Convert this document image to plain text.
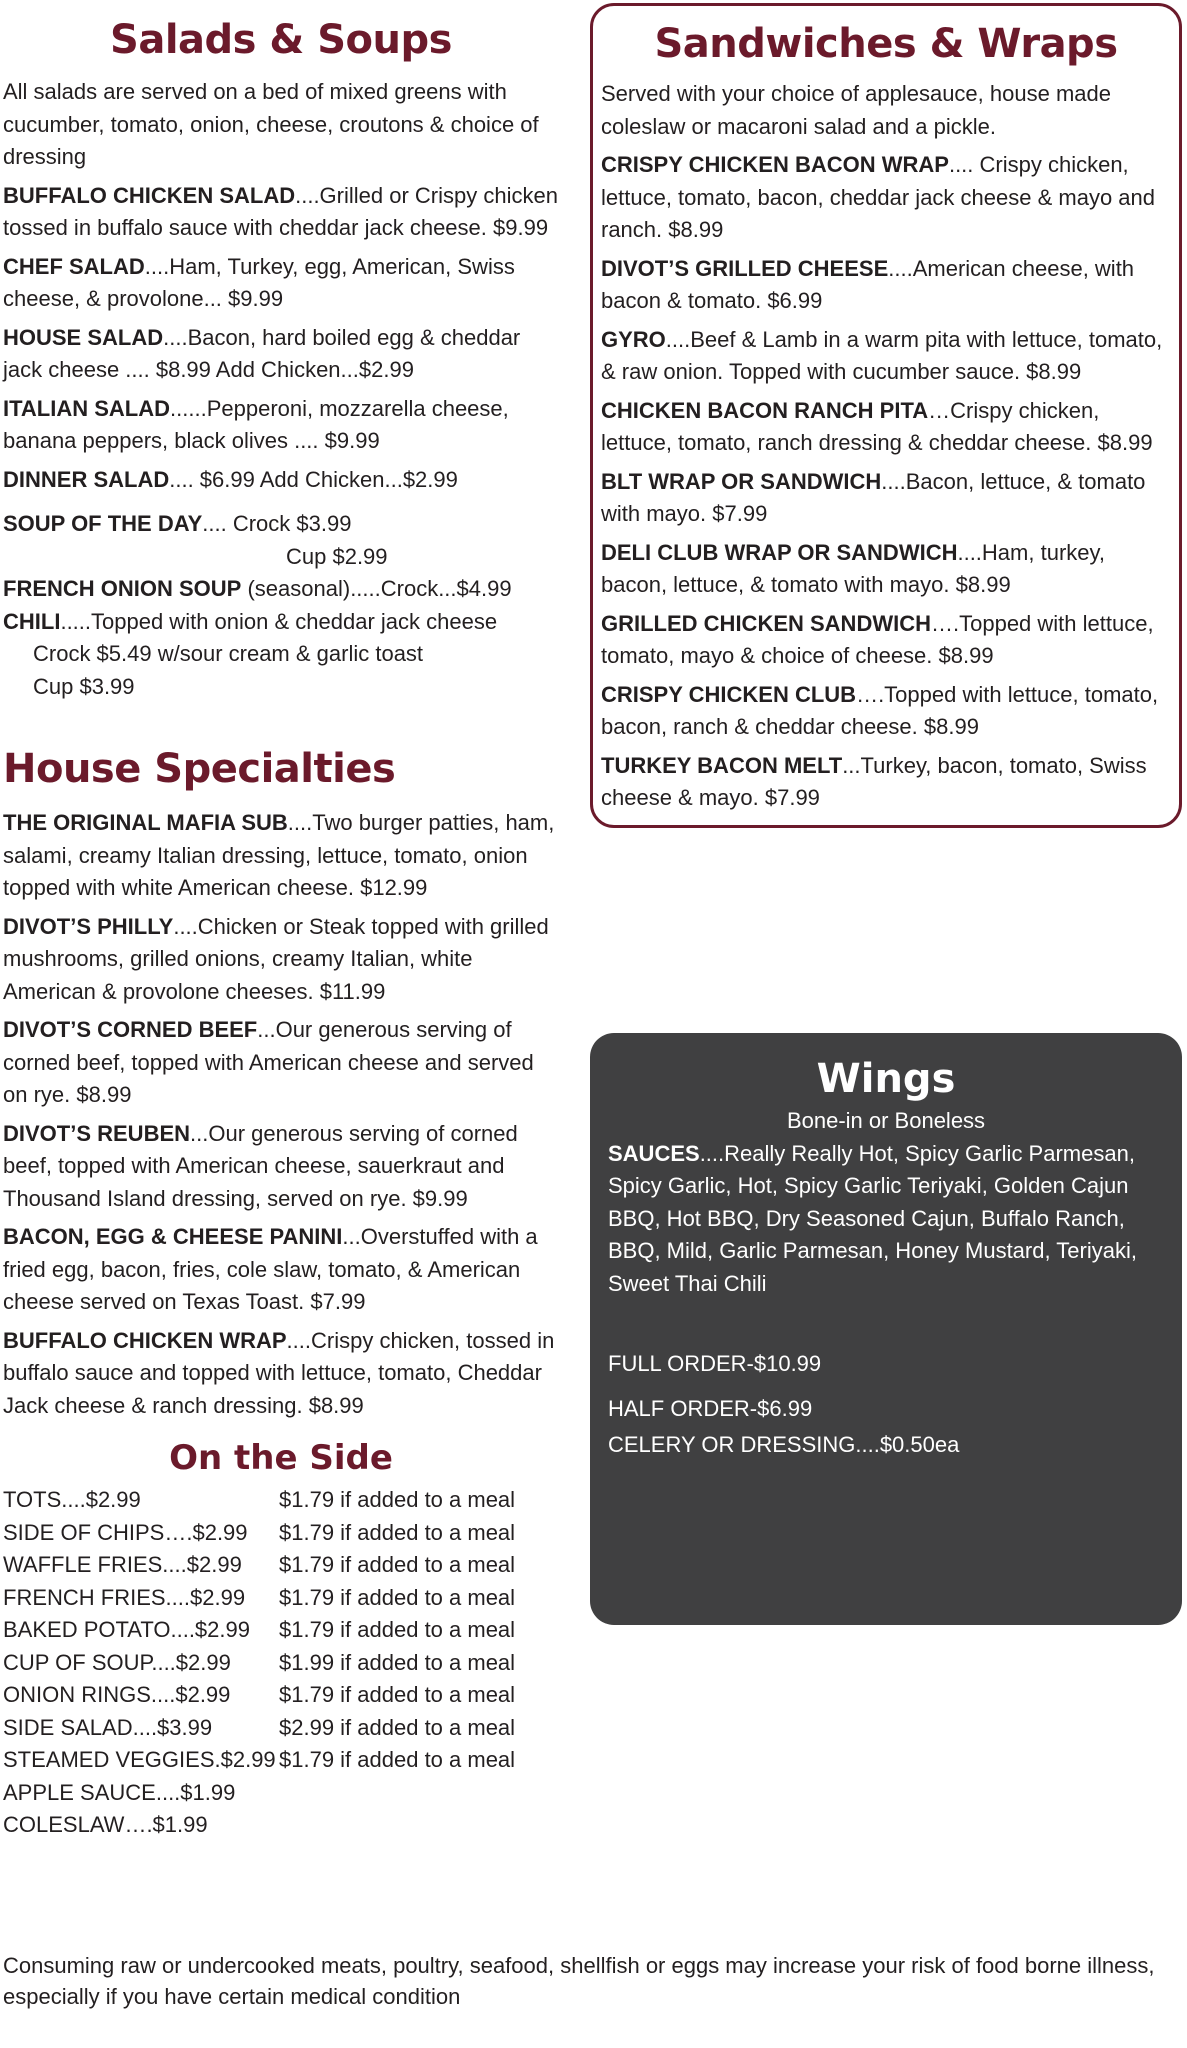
Salads & Soups

All salads are served on a bed of mixed greens with cucumber, tomato, onion, cheese, croutons & choice of dressing

BUFFALO CHICKEN SALAD....Grilled or Crispy chicken tossed in buffalo sauce with cheddar jack cheese. $9.99

CHEF SALAD....Ham, Turkey, egg, American, Swiss cheese, & provolone... $9.99

HOUSE SALAD....Bacon, hard boiled egg & cheddar jack cheese .... $8.99 Add Chicken...$2.99

ITALIAN SALAD......Pepperoni, mozzarella cheese, banana peppers, black olives .... $9.99

DINNER SALAD.... $6.99 Add Chicken...$2.99

SOUP OF THE DAY.... Crock $3.99

Cup $2.99

FRENCH ONION SOUP (seasonal).....Crock...$4.99

CHILI.....Topped with onion & cheddar jack cheese

Crock $5.49 w/sour cream & garlic toast

Cup $3.99

House Specialties

THE ORIGINAL MAFIA SUB....Two burger patties, ham, salami, creamy Italian dressing, lettuce, tomato, onion topped with white American cheese. $12.99

DIVOT’S PHILLY....Chicken or Steak topped with grilled mushrooms, grilled onions, creamy Italian, white American & provolone cheeses. $11.99

DIVOT’S CORNED BEEF...Our generous serving of corned beef, topped with American cheese and served on rye. $8.99

DIVOT’S REUBEN...Our generous serving of corned beef, topped with American cheese, sauerkraut and Thousand Island dressing, served on rye. $9.99

BACON, EGG & CHEESE PANINI...Overstuffed with a fried egg, bacon, fries, cole slaw, tomato, & American cheese served on Texas Toast. $7.99

BUFFALO CHICKEN WRAP....Crispy chicken, tossed in buffalo sauce and topped with lettuce, tomato, Cheddar Jack cheese & ranch dressing. $8.99

On the Side
TOTS....$2.99	$1.79 if added to a meal
SIDE OF CHIPS….$2.99	$1.79 if added to a meal
WAFFLE FRIES....$2.99	$1.79 if added to a meal
FRENCH FRIES....$2.99	$1.79 if added to a meal
BAKED POTATO....$2.99	$1.79 if added to a meal
CUP OF SOUP....$2.99	$1.99 if added to a meal
ONION RINGS....$2.99	$1.79 if added to a meal
SIDE SALAD....$3.99	$2.99 if added to a meal
STEAMED VEGGIES.$2.99	$1.79 if added to a meal
APPLE SAUCE....$1.99	
COLESLAW….$1.99	
Sandwiches & Wraps

Served with your choice of applesauce, house made coleslaw or macaroni salad and a pickle.

CRISPY CHICKEN BACON WRAP.... Crispy chicken, lettuce, tomato, bacon, cheddar jack cheese & mayo and ranch. $8.99

DIVOT’S GRILLED CHEESE....American cheese, with bacon & tomato. $6.99

GYRO....Beef & Lamb in a warm pita with lettuce, tomato, & raw onion. Topped with cucumber sauce. $8.99

CHICKEN BACON RANCH PITA…Crispy chicken, lettuce, tomato, ranch dressing & cheddar cheese. $8.99

BLT WRAP OR SANDWICH....Bacon, lettuce, & tomato with mayo. $7.99

DELI CLUB WRAP OR SANDWICH....Ham, turkey, bacon, lettuce, & tomato with mayo. $8.99

GRILLED CHICKEN SANDWICH….Topped with lettuce, tomato, mayo & choice of cheese. $8.99

CRISPY CHICKEN CLUB….Topped with lettuce, tomato, bacon, ranch & cheddar cheese. $8.99

TURKEY BACON MELT...Turkey, bacon, tomato, Swiss cheese & mayo. $7.99

Wings

Bone-in or Boneless

SAUCES....Really Really Hot, Spicy Garlic Parmesan, Spicy Garlic, Hot, Spicy Garlic Teriyaki, Golden Cajun BBQ, Hot BBQ, Dry Seasoned Cajun, Buffalo Ranch, BBQ, Mild, Garlic Parmesan, Honey Mustard, Teriyaki, Sweet Thai Chili

FULL ORDER-$10.99

HALF ORDER-$6.99

CELERY OR DRESSING....$0.50ea

Consuming raw or undercooked meats, poultry, seafood, shellfish or eggs may increase your risk of food borne illness, especially if you have certain medical condition
